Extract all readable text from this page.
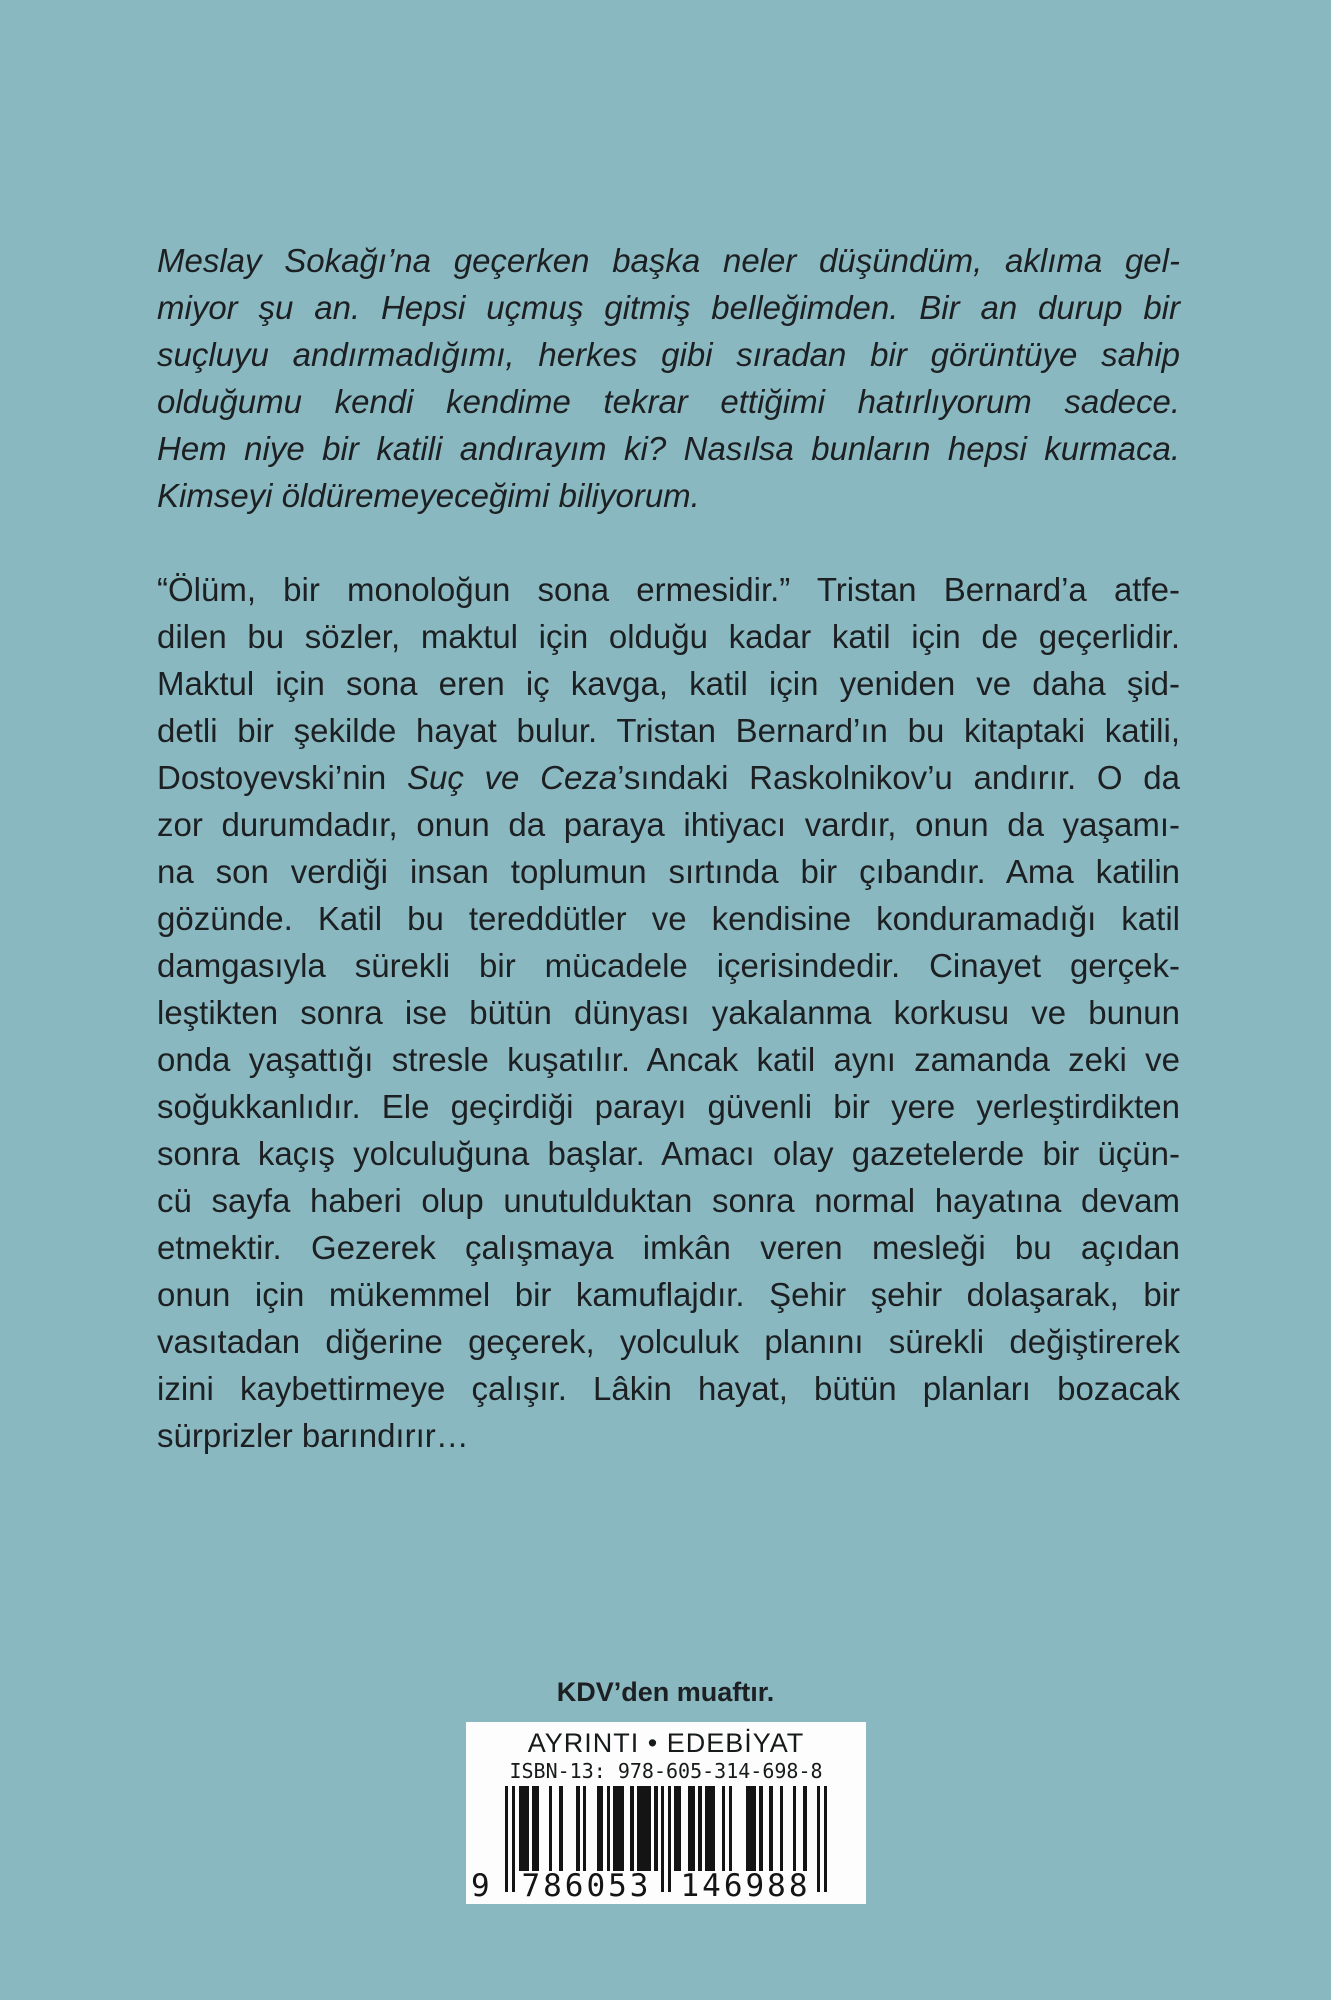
Meslay Sokağı’na geçerken başka neler düşündüm, aklıma gel-
miyor şu an. Hepsi uçmuş gitmiş belleğimden. Bir an durup bir
suçluyu andırmadığımı, herkes gibi sıradan bir görüntüye sahip
olduğumu kendi kendime tekrar ettiğimi hatırlıyorum sadece.
Hem niye bir katili andırayım ki? Nasılsa bunların hepsi kurmaca.
Kimseyi öldüremeyeceğimi biliyorum.
“Ölüm, bir monoloğun sona ermesidir.” Tristan Bernard’a atfe-
dilen bu sözler, maktul için olduğu kadar katil için de geçerlidir.
Maktul için sona eren iç kavga, katil için yeniden ve daha şid-
detli bir şekilde hayat bulur. Tristan Bernard’ın bu kitaptaki katili,
Dostoyevski’nin Suç ve Ceza’sındaki Raskolnikov’u andırır. O da
zor durumdadır, onun da paraya ihtiyacı vardır, onun da yaşamı-
na son verdiği insan toplumun sırtında bir çıbandır. Ama katilin
gözünde. Katil bu tereddütler ve kendisine konduramadığı katil
damgasıyla sürekli bir mücadele içerisindedir. Cinayet gerçek-
leştikten sonra ise bütün dünyası yakalanma korkusu ve bunun
onda yaşattığı stresle kuşatılır. Ancak katil aynı zamanda zeki ve
soğukkanlıdır. Ele geçirdiği parayı güvenli bir yere yerleştirdikten
sonra kaçış yolculuğuna başlar. Amacı olay gazetelerde bir üçün-
cü sayfa haberi olup unutulduktan sonra normal hayatına devam
etmektir. Gezerek çalışmaya imkân veren mesleği bu açıdan
onun için mükemmel bir kamuflajdır. Şehir şehir dolaşarak, bir
vasıtadan diğerine geçerek, yolculuk planını sürekli değiştirerek
izini kaybettirmeye çalışır. Lâkin hayat, bütün planları bozacak
sürprizler barındırır…
KDV’den muaftır.
AYRINTI • EDEBİYAT
ISBN-13: 978-605-314-698-8
9 786053 146988
